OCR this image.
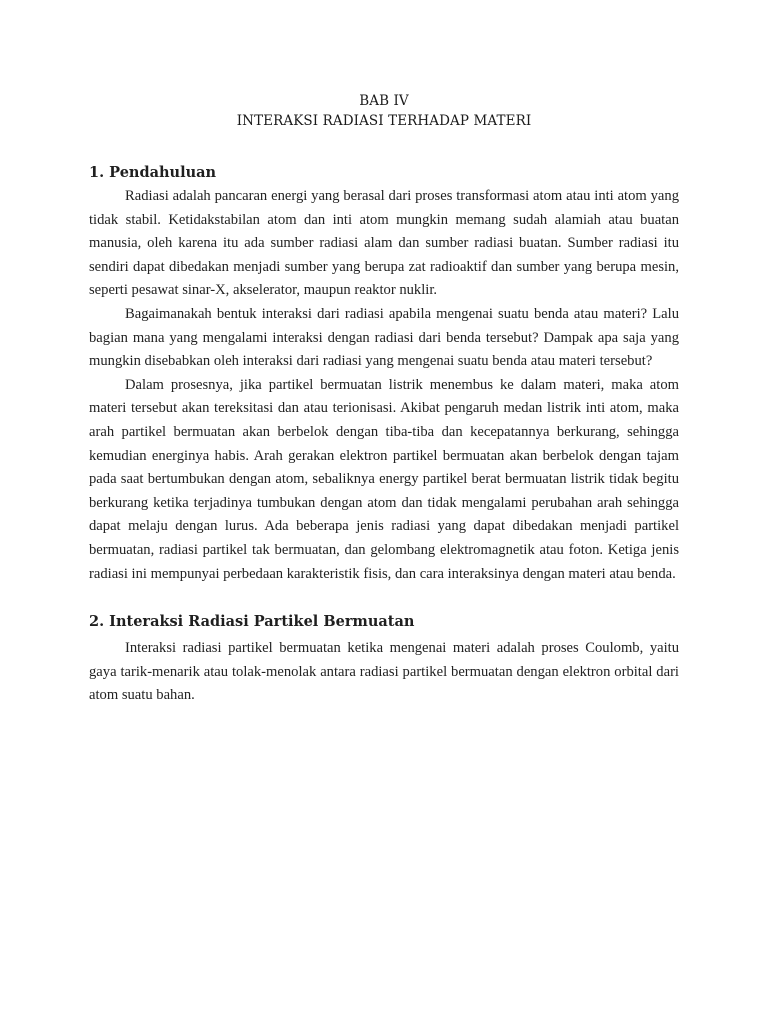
BAB IV

INTERAKSI RADIASI TERHADAP MATERI

1. Pendahuluan

Radiasi adalah pancaran energi yang berasal dari proses transformasi atom atau inti atom yang tidak stabil. Ketidakstabilan atom dan inti atom mungkin memang sudah alamiah atau buatan manusia, oleh karena itu ada sumber radiasi alam dan sumber radiasi buatan. Sumber radiasi itu sendiri dapat dibedakan menjadi sumber yang berupa zat radioaktif dan sumber yang berupa mesin, seperti pesawat sinar-X, akselerator, maupun reaktor nuklir.

Bagaimanakah bentuk interaksi dari radiasi apabila mengenai suatu benda atau materi? Lalu bagian mana yang mengalami interaksi dengan radiasi dari benda tersebut? Dampak apa saja yang mungkin disebabkan oleh interaksi dari radiasi yang mengenai suatu benda atau materi tersebut?

Dalam prosesnya, jika partikel bermuatan listrik menembus ke dalam materi, maka atom materi tersebut akan tereksitasi dan atau terionisasi. Akibat pengaruh medan listrik inti atom, maka arah partikel bermuatan akan berbelok dengan tiba-tiba dan kecepatannya berkurang, sehingga kemudian energinya habis. Arah gerakan elektron partikel bermuatan akan berbelok dengan tajam pada saat bertumbukan dengan atom, sebaliknya energy partikel berat bermuatan listrik tidak begitu berkurang ketika terjadinya tumbukan dengan atom dan tidak mengalami perubahan arah sehingga dapat melaju dengan lurus. Ada beberapa jenis radiasi yang dapat dibedakan menjadi partikel bermuatan, radiasi partikel tak bermuatan, dan gelombang elektromagnetik atau foton. Ketiga jenis radiasi ini mempunyai perbedaan karakteristik fisis, dan cara interaksinya dengan materi atau benda.

2. Interaksi Radiasi Partikel Bermuatan

Interaksi radiasi partikel bermuatan ketika mengenai materi adalah proses Coulomb, yaitu gaya tarik-menarik atau tolak-menolak antara radiasi partikel bermuatan dengan elektron orbital dari atom suatu bahan.
